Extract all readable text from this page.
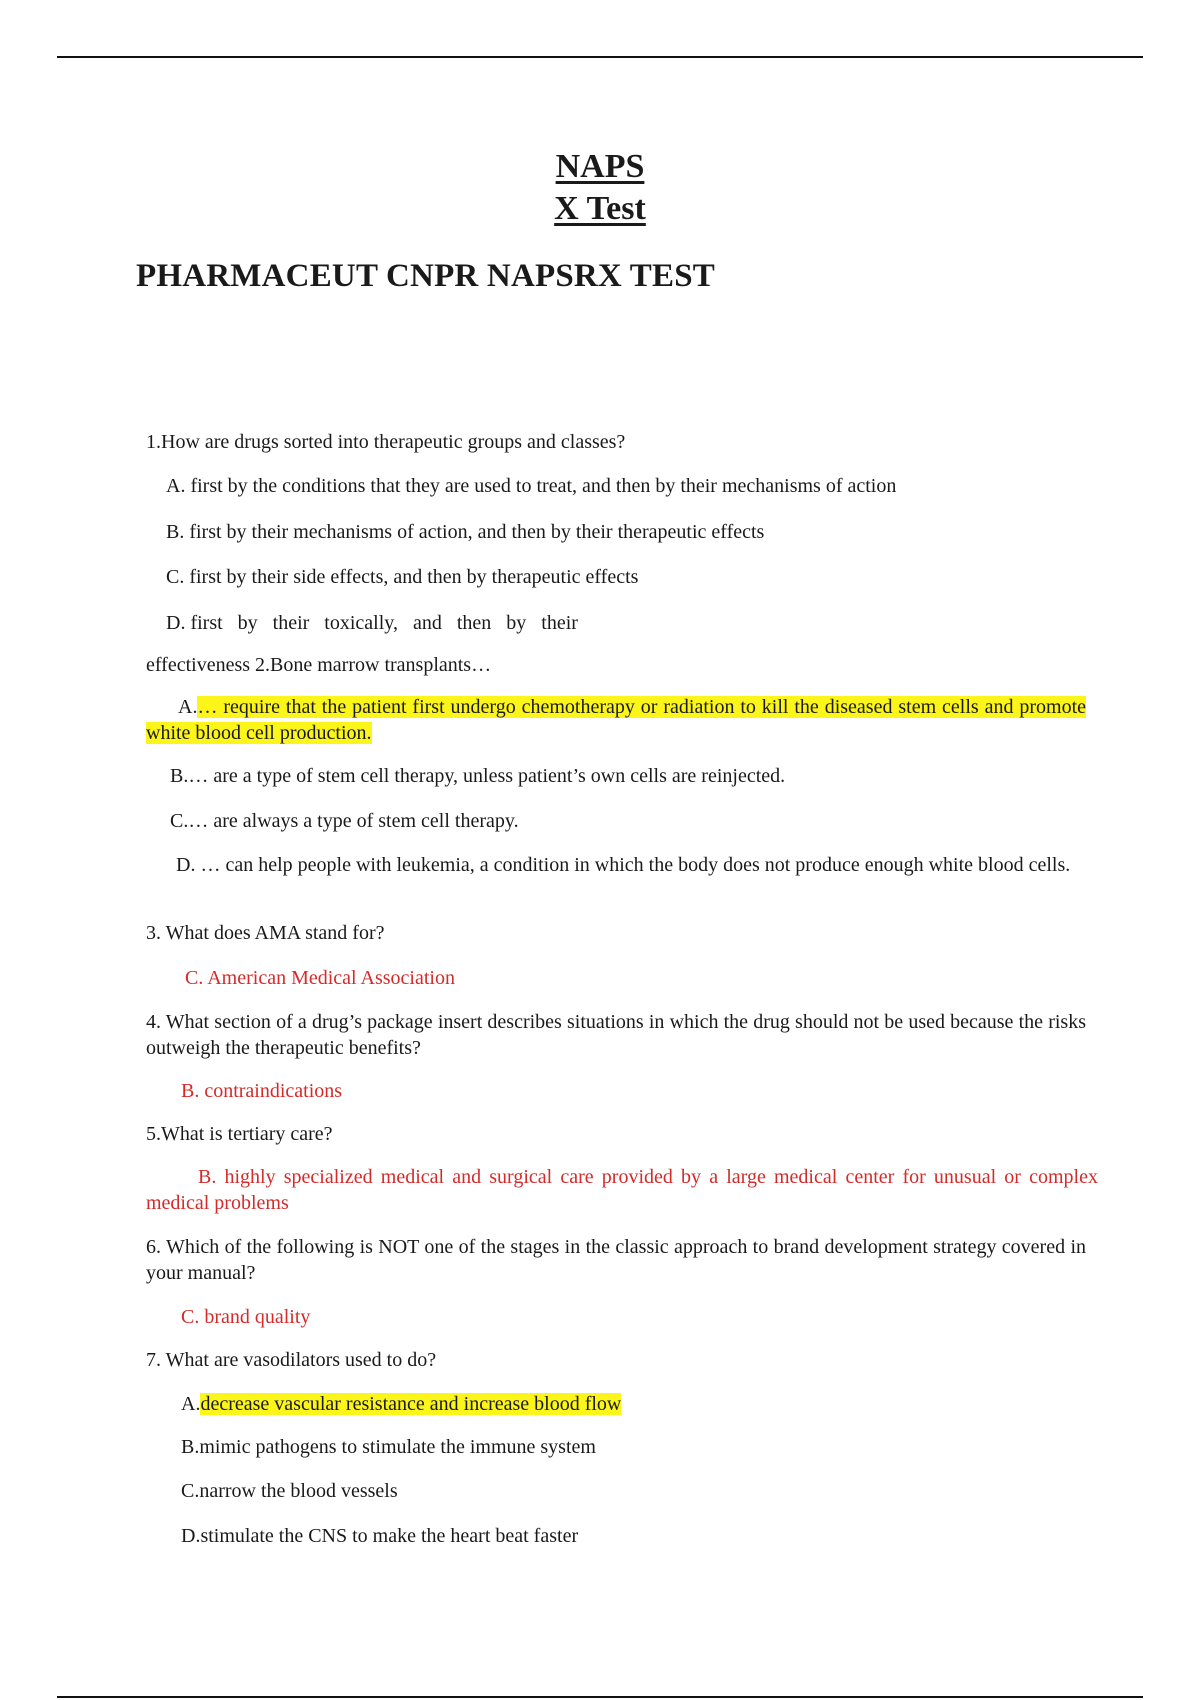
NAPS
X Test
PHARMACEUT CNPR NAPSRX TEST
1.How are drugs sorted into therapeutic groups and classes?
A. first by the conditions that they are used to treat, and then by their mechanisms of action
B. first by their mechanisms of action, and then by their therapeutic effects
C. first by their side effects, and then by therapeutic effects
D. first   by   their   toxically,   and   then   by   their
effectiveness 2.Bone marrow transplants…
A.… require that the patient first undergo chemotherapy or radiation to kill the diseased stem cells and promote white blood cell production.
B.… are a type of stem cell therapy, unless patient’s own cells are reinjected.
C.… are always a type of stem cell therapy.
D. … can help people with leukemia, a condition in which the body does not produce enough white blood cells.
3. What does AMA stand for?
C. American Medical Association
4. What section of a drug’s package insert describes situations in which the drug should not be used because the risks outweigh the therapeutic benefits?
B. contraindications
5.What is tertiary care?
B. highly specialized medical and surgical care provided by a large medical center for unusual or complex medical problems
6. Which of the following is NOT one of the stages in the classic approach to brand development strategy covered in your manual?
C. brand quality
7. What are vasodilators used to do?
A.decrease vascular resistance and increase blood flow
B.mimic pathogens to stimulate the immune system
C.narrow the blood vessels
D.stimulate the CNS to make the heart beat faster
